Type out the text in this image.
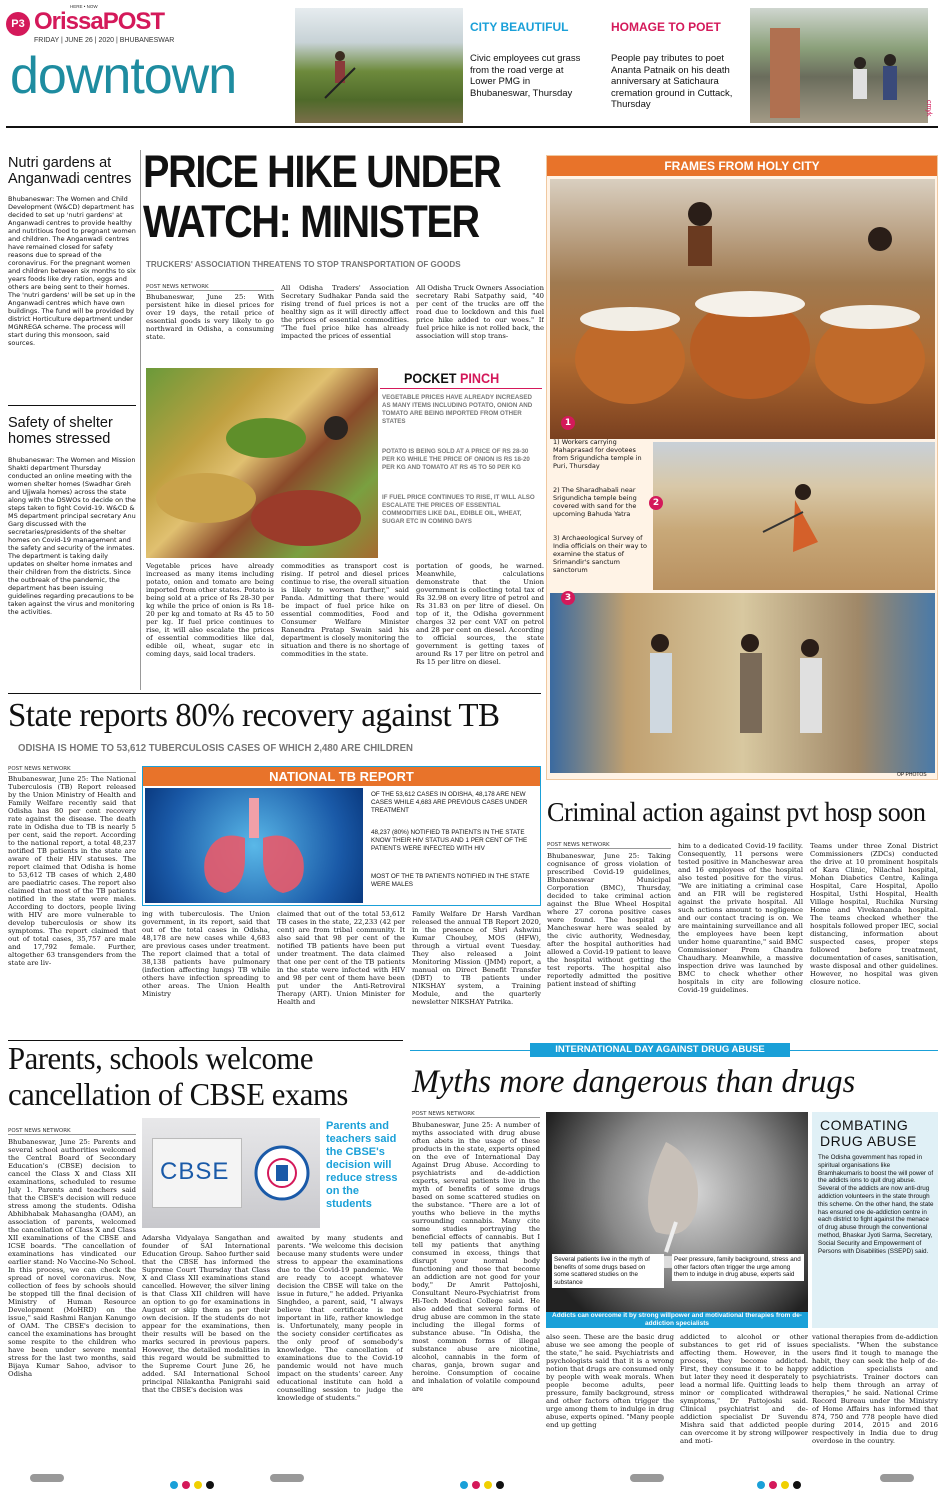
P3
HERE • NOW
OrissaPOST
FRIDAY | JUNE 26 | 2020 | BHUBANESWAR
downtown
CITY BEAUTIFUL
Civic employees cut grass from the road verge at Lower PMG in Bhubaneswar, Thursday
HOMAGE TO POET
People pay tributes to poet Ananta Patnaik on his death anniversary at Satichaura cremation ground in Cuttack, Thursday	cmyk
Nutri gardens at Anganwadi centres
Bhubaneswar: The Women and Child Development (W&CD) department has decided to set up 'nutri gardens' at Anganwadi centres to provide healthy and nutritious food to pregnant women and children. The Anganwadi centres have remained closed for safety reasons due to spread of the coronavirus. For the pregnant women and children between six months to six years foods like dry ration, eggs and others are being sent to their homes. The 'nutri gardens' will be set up in the Anganwadi centres which have own buildings. The fund will be provided by district Horticulture department under MGNREGA scheme. The process will start during this monsoon, said sources.
Safety of shelter homes stressed
Bhubaneswar: The Women and Mission Shakti department Thursday conducted an online meeting with the women shelter homes (Swadhar Greh and Ujjwala homes) across the state along with the DSWOs to decide on the steps taken to fight Covid-19. W&CD & MS department principal secretary Anu Garg discussed with the secretaries/presidents of the shelter homes on Covid-19 management and the safety and security of the inmates. The department is taking daily updates on shelter home inmates and their children from the districts. Since the outbreak of the pandemic, the department has been issuing guidelines regarding precautions to be taken against the virus and monitoring the activities.
PRICE HIKE UNDER
WATCH: MINISTER
TRUCKERS' ASSOCIATION THREATENS TO STOP TRANSPORTATION OF GOODS
POST NEWS NETWORK
Bhubaneswar, June 25: With persistent hike in diesel prices for over 19 days, the retail price of essential goods is very likely to go northward in Odisha, a consuming state.
All Odisha Traders' Association Secretary Sudhakar Panda said the rising trend of fuel prices is not a healthy sign as it will directly affect the prices of essential commodities. "The fuel price hike has already impacted the prices of essential
All Odisha Truck Owners Association secretary Rabi Satpathy said, "40 per cent of the trucks are off the road due to lockdown and this fuel price hike added to our woes." If fuel price hike is not rolled back, the association will stop trans-
POCKET PINCH
VEGETABLE PRICES HAVE ALREADY INCREASED AS MANY ITEMS INCLUDING POTATO, ONION AND TOMATO ARE BEING IMPORTED FROM OTHER STATES
POTATO IS BEING SOLD AT A PRICE OF RS 28-30 PER KG WHILE THE PRICE OF ONION IS RS 18-20 PER KG AND TOMATO AT RS 45 TO 50 PER KG
IF FUEL PRICE CONTINUES TO RISE, IT WILL ALSO ESCALATE THE PRICES OF ESSENTIAL COMMODITIES LIKE DAL, EDIBLE OIL, WHEAT, SUGAR ETC IN COMING DAYS
Vegetable prices have already increased as many items including potato, onion and tomato are being imported from other states. Potato is being sold at a price of Rs 28-30 per kg while the price of onion is Rs 18-20 per kg and tomato at Rs 45 to 50 per kg. If fuel price continues to rise, it will also escalate the prices of essential commodities like dal, edible oil, wheat, sugar etc in coming days, said local traders.
commodities as transport cost is rising. If petrol and diesel prices continue to rise, the overall situation is likely to worsen further," said Panda. Admitting that there would be impact of fuel price hike on essential commodities, Food and Consumer Welfare Minister Ranendra Pratap Swain said his department is closely monitoring the situation and there is no shortage of commodities in the state.
portation of goods, he warned. Meanwhile, calculations demonstrate that the Union government is collecting total tax of Rs 32.98 on every litre of petrol and Rs 31.83 on per litre of diesel. On top of it, the Odisha government charges 32 per cent VAT on petrol and 28 per cent on diesel. According to official sources, the state government is getting taxes of around Rs 17 per litre on petrol and Rs 15 per litre on diesel.
FRAMES FROM HOLY CITY
1
1) Workers carrying Mahaprasad for devotees from Srigundicha temple in Puri, Thursday
2) The Sharadhabali near Srigundicha temple being covered with sand for the upcoming Bahuda Yatra
3) Archaeological Survey of India officials on their way to examine the status of Srimandir's sanctum sanctorum
2
3
OP PHOTOS
State reports 80% recovery against TB
ODISHA IS HOME TO 53,612 TUBERCULOSIS CASES OF WHICH 2,480 ARE CHILDREN
POST NEWS NETWORK
Bhubaneswar, June 25: The National Tuberculosis (TB) Report released by the Union Ministry of Health and Family Welfare recently said that Odisha has 80 per cent recovery rate against the disease. The death rate in Odisha due to TB is nearly 5 per cent, said the report. According to the national report, a total 48,237 notified TB patients in the state are aware of their HIV statuses. The report claimed that Odisha is home to 53,612 TB cases of which 2,480 are paediatric cases. The report also claimed that most of the TB patients notified in the state were males. According to doctors, people living with HIV are more vulnerable to develop tuberculosis or show its symptoms. The report claimed that out of total cases, 35,757 are male and 17,792 female. Further, altogether 63 transgenders from the state are liv-
NATIONAL TB REPORT
OF THE 53,612 CASES IN ODISHA, 48,178 ARE NEW CASES WHILE 4,683 ARE PREVIOUS CASES UNDER TREATMENT
48,237 (80%) NOTIFIED TB PATIENTS IN THE STATE KNOW THEIR HIV STATUS AND 1 PER CENT OF THE PATIENTS WERE INFECTED WITH HIV
MOST OF THE TB PATIENTS NOTIFIED IN THE STATE WERE MALES
ing with tuberculosis. The Union government, in its report, said that out of the total cases in Odisha, 48,178 are new cases while 4,683 are previous cases under treatment. The report claimed that a total of 38,138 patients have pulmonary (infection affecting lungs) TB while others have infection spreading to other areas. The Union Health Ministry
claimed that out of the total 53,612 TB cases in the state, 22,233 (42 per cent) are from tribal community. It also said that 98 per cent of the notified TB patients have been put under treatment. The data claimed that one per cent of the TB patients in the state were infected with HIV and 98 per cent of them have been put under the Anti-Retroviral Therapy (ART). Union Minister for Health and
Family Welfare Dr Harsh Vardhan released the annual TB Report 2020, in the presence of Shri Ashwini Kumar Choubey, MOS (HFW), through a virtual event Tuesday. They also released a Joint Monitoring Mission (JMM) report, a manual on Direct Benefit Transfer (DBT) to TB patients under NIKSHAY system, a Training Module, and the quarterly newsletter NIKSHAY Patrika.
Criminal action against pvt hosp soon
POST NEWS NETWORK
Bhubaneswar, June 25: Taking cognisance of gross violation of prescribed Covid-19 guidelines, Bhubaneswar Municipal Corporation (BMC), Thursday, decided to take criminal action against the Blue Wheel Hospital where 27 corona positive cases were found. The hospital at Mancheswar here was sealed by the civic authority, Wednesday, after the hospital authorities had allowed a Covid-19 patient to leave the hospital without getting the test reports. The hospital also reportedly admitted the positive patient instead of shifting
him to a dedicated Covid-19 facility. Consequently, 11 persons were tested positive in Mancheswar area and 16 employees of the hospital also tested positive for the virus. "We are initiating a criminal case and an FIR will be registered against the private hospital. All such actions amount to negligence and our contact tracing is on. We are maintaining surveillance and all the employees have been kept under home quarantine," said BMC Commissioner Prem Chandra Chaudhary. Meanwhile, a massive inspection drive was launched by BMC to check whether other hospitals in city are following Covid-19 guidelines.
Teams under three Zonal District Commissioners (ZDCs) conducted the drive at 10 prominent hospitals of Kara Clinic, Nilachal hospital, Mohan Diabetics Centre, Kalinga Hospital, Care Hospital, Apollo Hospital, Usthi Hospital, Health Village hospital, Ruchika Nursing Home and Vivekananda hospital. The teams checked whether the hospitals followed proper IEC, social distancing, information about suspected cases, proper steps followed before treatment, documentation of cases, sanitisation, waste disposal and other guidelines. However, no hospital was given closure notice.
Parents, schools welcome
cancellation of CBSE exams
POST NEWS NETWORK
Bhubaneswar, June 25: Parents and several school authorities welcomed the Central Board of Secondary Education's (CBSE) decision to cancel the Class X and Class XII examinations, scheduled to resume July 1. Parents and teachers said that the CBSE's decision will reduce stress among the students. Odisha Abhibhabak Mahasangha (OAM), an association of parents, welcomed the cancellation of Class X and Class XII examinations of the CBSE and ICSE boards. "The cancellation of examinations has vindicated our earlier stand: No Vaccine-No School. In this process, we can check the spread of novel coronavirus. Now, collection of fees by schools should be stopped till the final decision of Ministry of Human Resource Development (MoHRD) on the issue," said Rashmi Ranjan Kanungo of OAM. The CBSE's decision to cancel the examinations has brought some respite to the children who have been under severe mental stress for the last two months, said Bijaya Kumar Sahoo, advisor to Odisha
CBSE
Parents and teachers said the CBSE's decision will reduce stress on the students
Adarsha Vidyalaya Sangathan and founder of SAI International Education Group. Sahoo further said that the CBSE has informed the Supreme Court Thursday that Class X and Class XII examinations stand cancelled. However, the silver lining is that Class XII children will have an option to go for examinations in August or skip them as per their own decision. If the students do not appear for the examinations, then their results will be based on the marks secured in previous papers. However, the detailed modalities in this regard would be submitted to the Supreme Court June 26, he added. SAI International School principal Nilakantha Panigrahi said that the CBSE's decision was
awaited by many students and parents. "We welcome this decision because many students were under stress to appear the examinations due to the Covid-19 pandemic. We are ready to accept whatever decision the CBSE will take on the issue in future," he added. Priyanka Singhdeo, a parent, said, "I always believe that certificate is not important in life, rather knowledge is. Unfortunately, many people in the society consider certificates as the only proof of somebody's knowledge. The cancellation of examinations due to the Covid-19 pandemic would not have much impact on the students' career. Any educational institute can hold a counselling session to judge the knowledge of students."
INTERNATIONAL DAY AGAINST DRUG ABUSE
Myths more dangerous than drugs
POST NEWS NETWORK
Bhubaneswar, June 25: A number of myths associated with drug abuse often abets in the usage of these products in the state, experts opined on the eve of International Day Against Drug Abuse. According to psychiatrists and de-addiction experts, several patients live in the myth of benefits of some drugs based on some scattered studies on the substance. "There are a lot of youths who believe in the myths surrounding cannabis. Many cite some studies portraying the beneficial effects of cannabis. But I tell my patients that anything consumed in excess, things that disrupt your normal body functioning and those that become an addiction are not good for your body," Dr Amrit Pattojoshi, Consultant Neuro-Psychiatrist from Hi-Tech Medical College said. He also added that several forms of drug abuse are common in the state including the illegal forms of substance abuse. "In Odisha, the most common forms of illegal substance abuse are nicotine, alcohol, cannabis in the form of charas, ganja, brown sugar and heroine. Consumption of cocaine and inhalation of volatile compound are
Several patients live in the myth of benefits of some drugs based on some scattered studies on the substance
Peer pressure, family background, stress and other factors often trigger the urge among them to indulge in drug abuse, experts said
Addicts can overcome it by strong willpower and motivational therapies from de-addiction specialists
also seen. These are the basic drug abuse we see among the people of the state," he said. Psychiatrists and psychologists said that it is a wrong notion that drugs are consumed only by people with weak morals. When people become adults, peer pressure, family background, stress and other factors often trigger the urge among them to indulge in drug abuse, experts opined. "Many people end up getting
addicted to alcohol or other substances to get rid of issues affecting them. However, in the process, they become addicted. First, they consume it to be happy but later they need it desperately to lead a normal life. Quitting leads to minor or complicated withdrawal symptoms," Dr Pattojoshi said. Clinical psychiatrist and de-addiction specialist Dr Suvendu Mishra said that addicted people can overcome it by strong willpower and moti-
COMBATING
DRUG ABUSE
The Odisha government has roped in spiritual organisations like Bramhakumaris to boost the will power of the addicts ions to quit drug abuse. Several of the addicts are now anti-drug addiction volunteers in the state through this scheme. On the other hand, the state has ensured one de-addiction centre in each district to fight against the menace of drug abuse through the conventional method, Bhaskar Jyoti Sarma, Secretary, Social Security and Empowerment of Persons with Disabilities (SSEPD) said.
vational therapies from de-addiction specialists. "When the substance users find it tough to manage the habit, they can seek the help of de-addiction specialists and psychiatrists. Trainer doctors can help them through an array of therapies," he said. National Crime Record Bureau under the Ministry of Home Affairs has informed that 874, 750 and 778 people have died during 2014, 2015 and 2016 respectively in India due to drug overdose in the country.
